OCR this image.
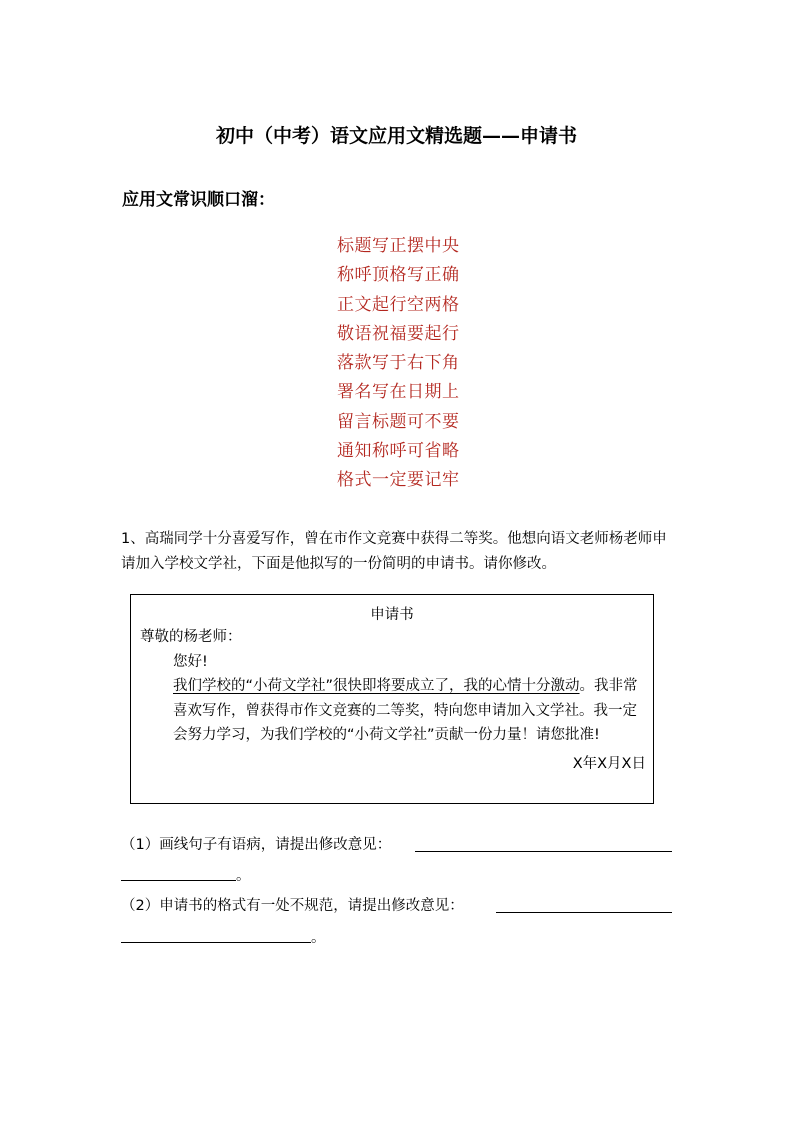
初中（中考）语文应用文精选题——申请书
应用文常识顺口溜：
标题写正摆中央
称呼顶格写正确
正文起行空两格
敬语祝福要起行
落款写于右下角
署名写在日期上
留言标题可不要
通知称呼可省略
格式一定要记牢
1、高瑞同学十分喜爱写作，曾在市作文竞赛中获得二等奖。他想向语文老师杨老师申请加入学校文学社，下面是他拟写的一份简明的申请书。请你修改。
申请书

尊敬的杨老师：

您好!

我们学校的“小荷文学社”很快即将要成立了，我的心情十分激动。我非常喜欢写作，曾获得市作文竞赛的二等奖，特向您申请加入文学社。我一定会努力学习，为我们学校的“小荷文学社”贡献一份力量！请您批准!

X年X月X日

（1）画线句子有语病，请提出修改意见：
。
（2）申请书的格式有一处不规范，请提出修改意见：
。
